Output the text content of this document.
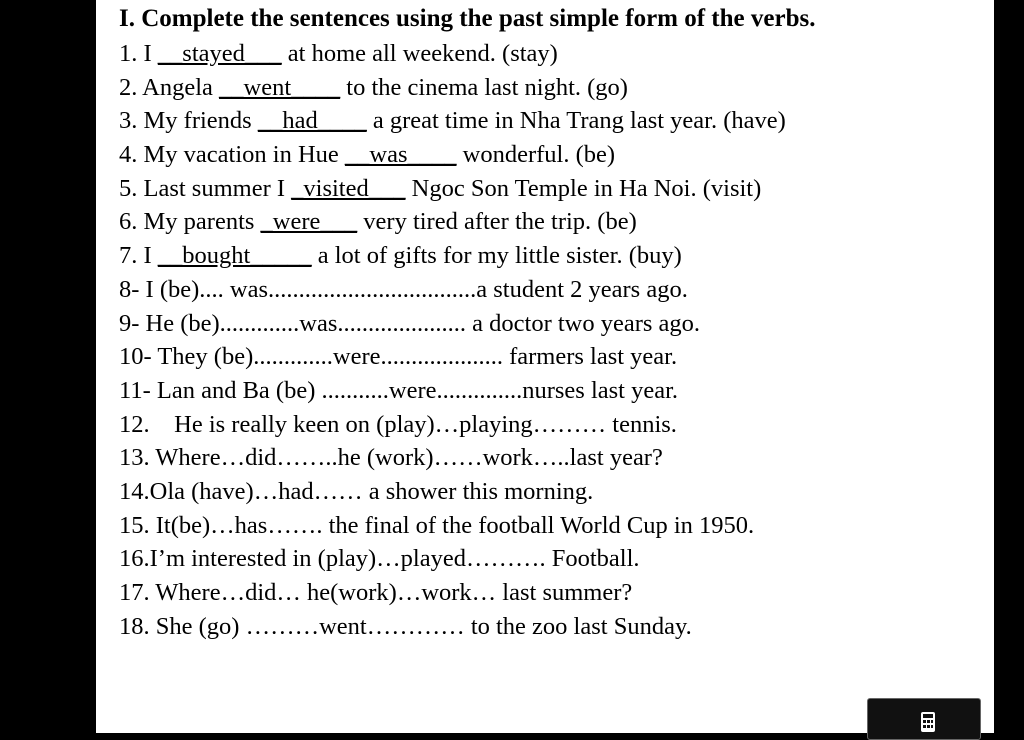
I. Complete the sentences using the past simple form of the verbs.
1. I __stayed___ at home all weekend. (stay)
2. Angela __went____ to the cinema last night. (go)
3. My friends __had____ a great time in Nha Trang last year. (have)
4. My vacation in Hue __was____ wonderful. (be)
5. Last summer I _visited___ Ngoc Son Temple in Ha Noi. (visit)
6. My parents _were___ very tired after the trip. (be)
7. I __bought_____ a lot of gifts for my little sister. (buy)
8- I (be).... was..................................a student 2 years ago.
9- He (be).............was..................... a doctor two years ago.
10- They (be).............were.................... farmers last year.
11- Lan and Ba (be) ...........were..............nurses last year.
12.    He is really keen on (play)…playing……… tennis.
13. Where…did……..he (work)……work…..last year?
14.Ola (have)…had…… a shower this morning.
15. It(be)…has……. the final of the football World Cup in 1950.
16.I’m interested in (play)…played………. Football.
17. Where…did… he(work)…work… last summer?
18. She (go) ………went………… to the zoo last Sunday.
